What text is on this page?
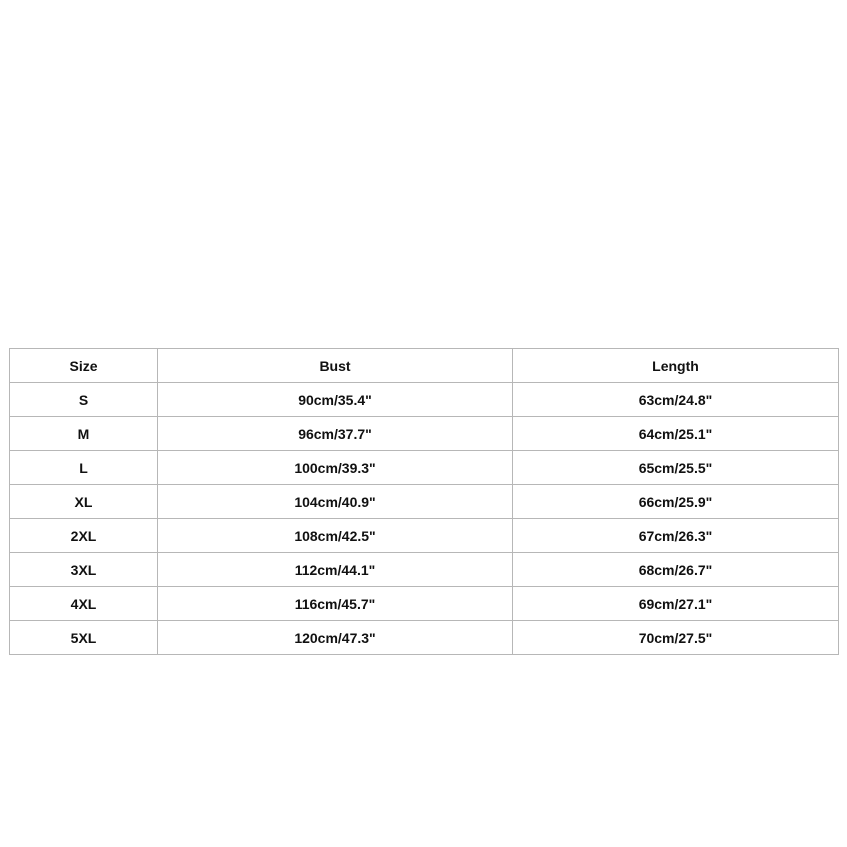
Size	Bust	Length
S	90cm/35.4"	63cm/24.8"
M	96cm/37.7"	64cm/25.1"
L	100cm/39.3"	65cm/25.5"
XL	104cm/40.9"	66cm/25.9"
2XL	108cm/42.5"	67cm/26.3"
3XL	112cm/44.1"	68cm/26.7"
4XL	116cm/45.7"	69cm/27.1"
5XL	120cm/47.3"	70cm/27.5"
